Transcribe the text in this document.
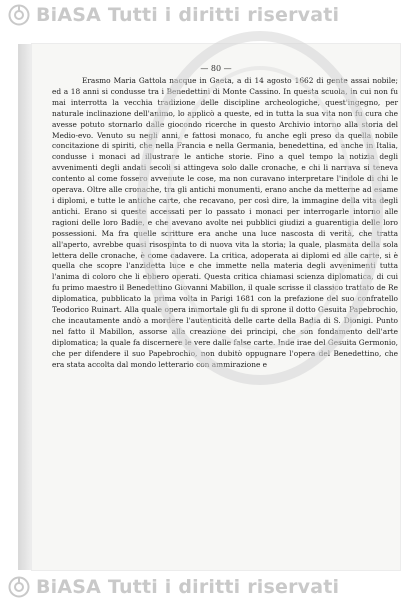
BiASA Tutti i diritti riservati
— 80 —

Erasmo Maria Gattola nacque in Gaeta, a di 14 agosto 1662 di gente assai nobile; ed a 18 anni si condusse tra i Benedettini di Monte Cassino. In questa scuola, in cui non fu mai interrotta la vecchia tradizione delle discipline archeologiche, quest'ingegno, per naturale inclinazione dell'animo, lo applicò a queste, ed in tutta la sua vita non fu cura che avesse potuto stornarlo dalle giocondo ricerche in questo Archivio intorno alla storia del Medio-evo. Venuto su negli anni, e fattosi monaco, fu anche egli preso da quella nobile concitazione di spiriti, che nella Francia e nella Germania, benedettina, ed anche in Italia, condusse i monaci ad illustrare le antiche storie. Fino a quel tempo la notizia degli avvenimenti degli andati secoli si attingeva solo dalle cronache, e chi li narrava si teneva contento al come fossero avvenute le cose, ma non curavano interpretare l'indole di chi le operava. Oltre alle cronache, tra gli antichi monumenti, erano anche da metterne ad esame i diplomi, e tutte le antiche carte, che recavano, per così dire, la immagine della vita degli antichi. Erano si queste accessati per lo passato i monaci per interrogarle intorno alle ragioni delle loro Badie, e che avevano avolte nei pubblici giudizi a guarentigia delle loro possessioni. Ma fra quelle scritture era anche una luce nascosta di verità, che tratta all'aperto, avrebbe quasi risospinta to di nuova vita la storia; la quale, plasmata della sola lettera delle cronache, è come cadavere. La critica, adoperata ai diplomi ed alle carte, si è quella che scopre l'anzidetta luce e che immette nella materia degli avvenimenti tutta l'anima di coloro che li ebbero operati. Questa critica chiamasi scienza diplomatica, di cui fu primo maestro il Benedettino Giovanni Mabillon, il quale scrisse il classico trattato de Re diplomatica, pubblicato la prima volta in Parigi 1681 con la prefazione del suo confratello Teodorico Ruinart. Alla quale opera immortale gli fu di sprone il dotto Gesuita Papebrochio, che incautamente andò a mordere l'autenticità delle carte della Badia di S. Dionigi. Punto nel fatto il Mabillon, assorse alla creazione dei principi, che son fondamento dell'arte diplomatica; la quale fa discernere le vere dalle false carte. Inde irae del Gesuita Germonio, che per difendere il suo Papebrochio, non dubitò oppugnare l'opera del Benedettino, che era stata accolta dal mondo letterario con ammirazione e

BiASA Tutti i diritti riservati
